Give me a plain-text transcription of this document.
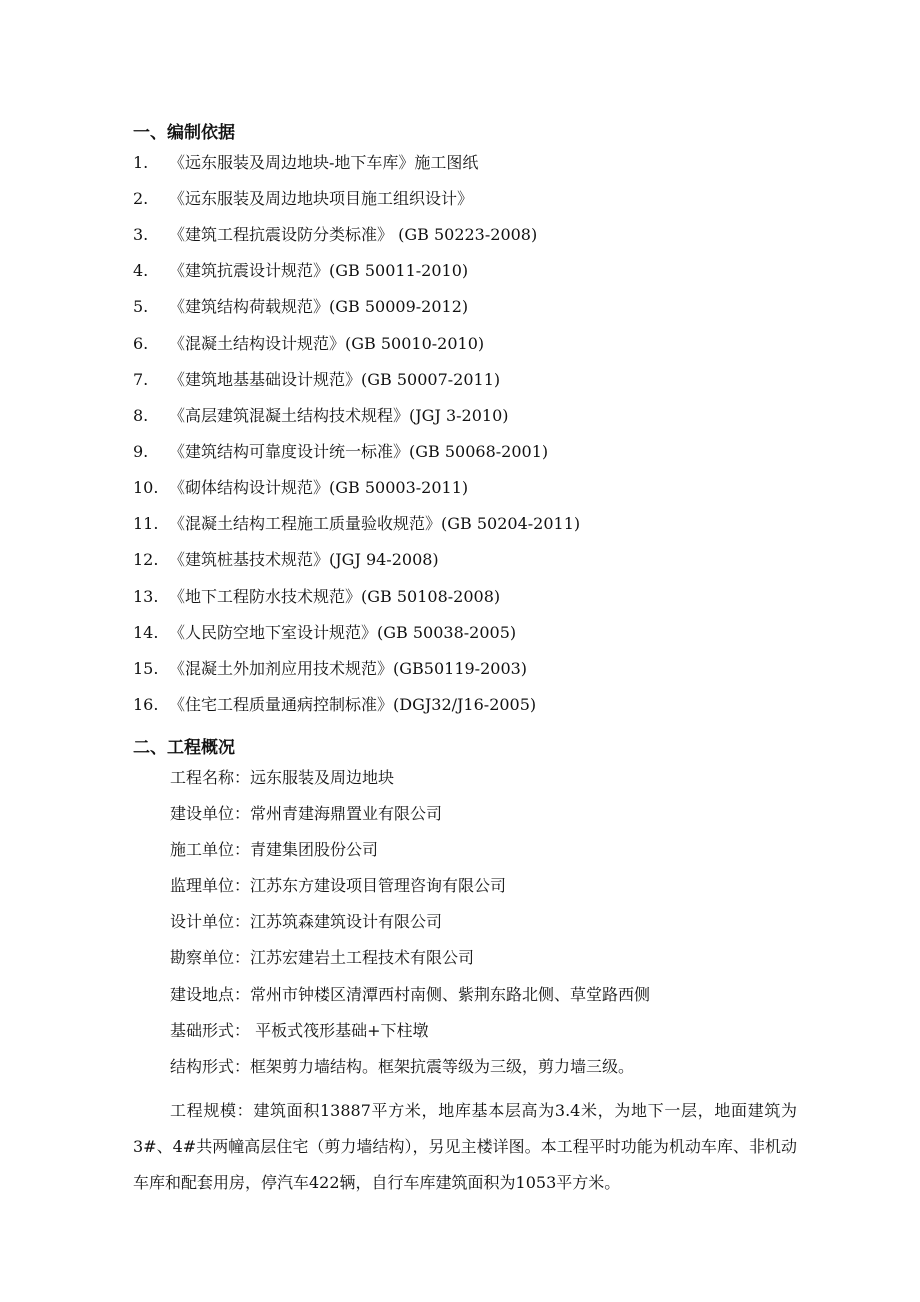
一、编制依据
1. 《远东服装及周边地块-地下车库》施工图纸
2. 《远东服装及周边地块项目施工组织设计》
3. 《建筑工程抗震设防分类标准》 (GB 50223-2008)
4. 《建筑抗震设计规范》(GB 50011-2010)
5. 《建筑结构荷载规范》(GB 50009-2012)
6. 《混凝土结构设计规范》(GB 50010-2010)
7. 《建筑地基基础设计规范》(GB 50007-2011)
8. 《高层建筑混凝土结构技术规程》(JGJ 3-2010)
9. 《建筑结构可靠度设计统一标准》(GB 50068-2001)
10. 《砌体结构设计规范》(GB 50003-2011)
11. 《混凝土结构工程施工质量验收规范》(GB 50204-2011)
12. 《建筑桩基技术规范》(JGJ 94-2008)
13. 《地下工程防水技术规范》(GB 50108-2008)
14. 《人民防空地下室设计规范》(GB 50038-2005)
15. 《混凝土外加剂应用技术规范》(GB50119-2003)
16. 《住宅工程质量通病控制标准》(DGJ32/J16-2005)
二、工程概况
工程名称：远东服装及周边地块
建设单位：常州青建海鼎置业有限公司
施工单位：青建集团股份公司
监理单位：江苏东方建设项目管理咨询有限公司
设计单位：江苏筑森建筑设计有限公司
勘察单位：江苏宏建岩土工程技术有限公司
建设地点：常州市钟楼区清潭西村南侧、紫荆东路北侧、草堂路西侧
基础形式： 平板式筏形基础+下柱墩
结构形式：框架剪力墙结构。框架抗震等级为三级，剪力墙三级。
工程规模：建筑面积13887平方米，地库基本层高为3.4米，为地下一层，地面建筑为3#、4#共两幢高层住宅（剪力墙结构），另见主楼详图。本工程平时功能为机动车库、非机动车库和配套用房，停汽车422辆，自行车库建筑面积为1053平方米。
